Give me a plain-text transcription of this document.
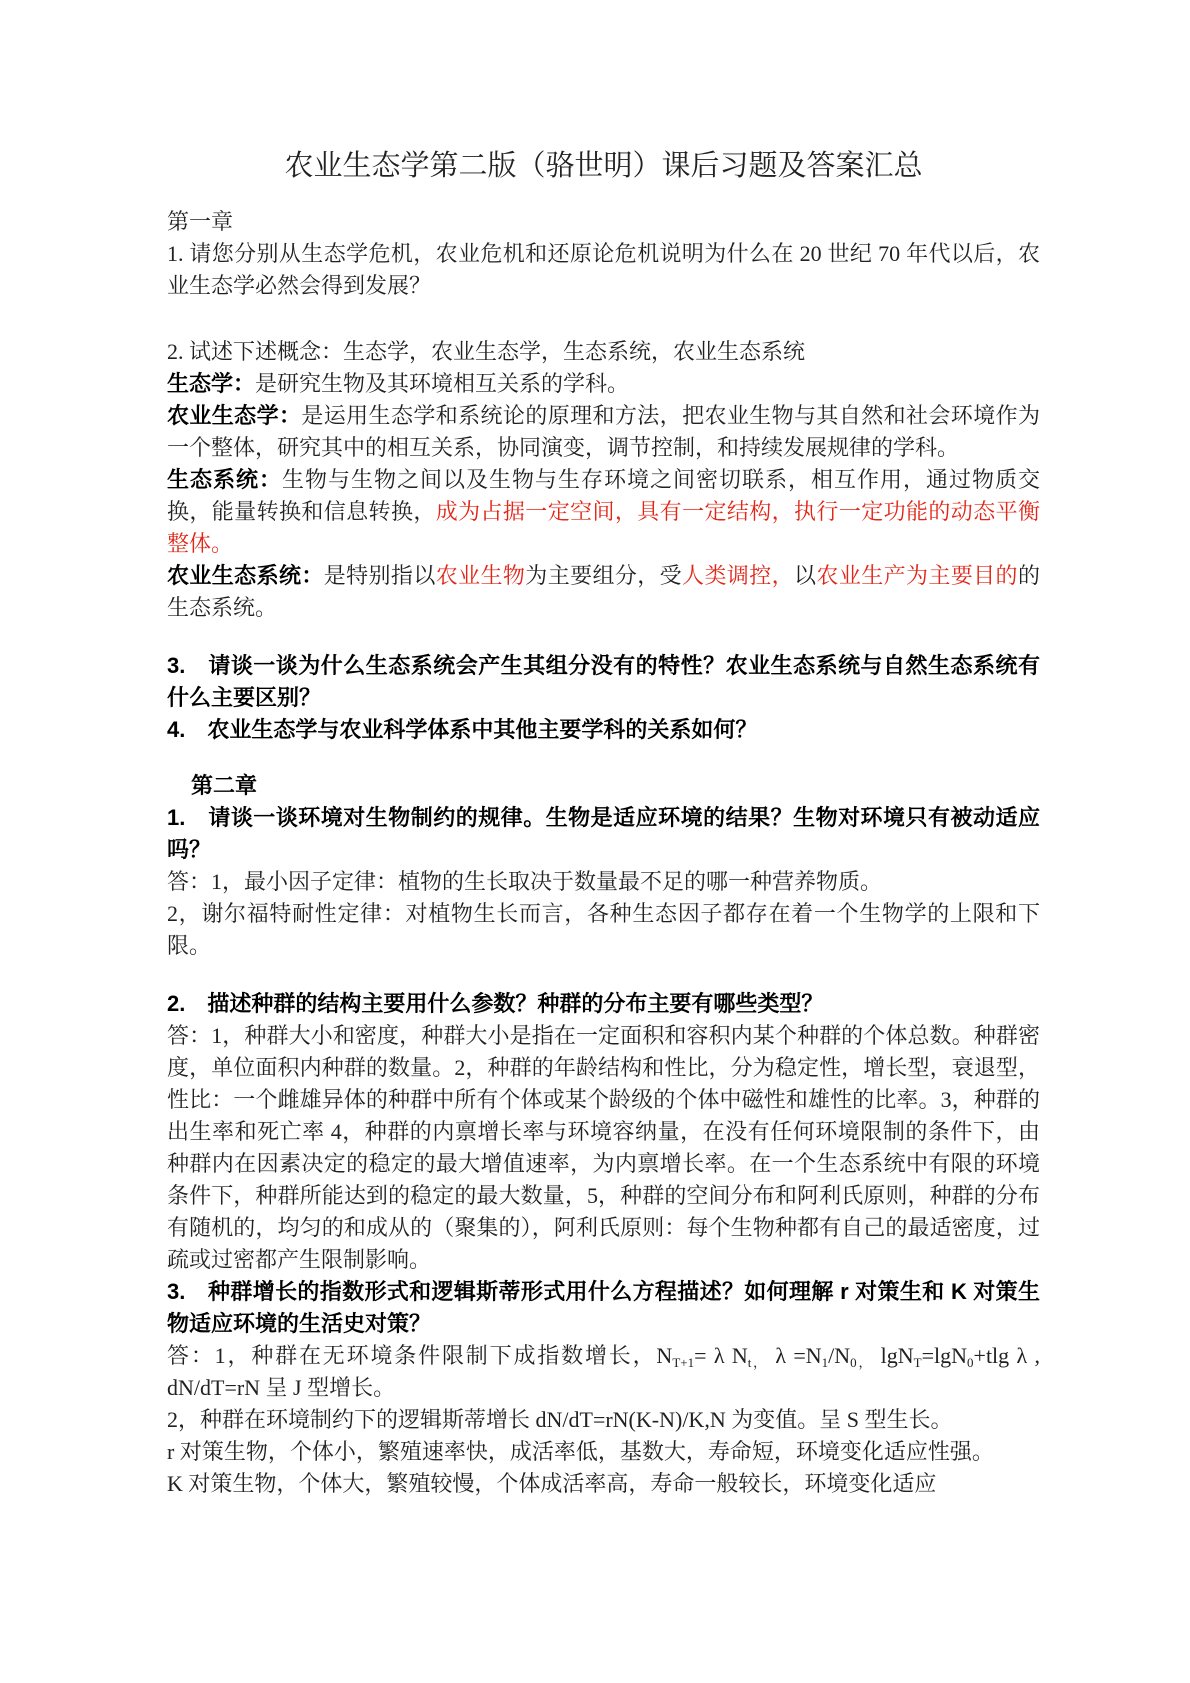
农业生态学第二版（骆世明）课后习题及答案汇总

第一章

1. 请您分别从生态学危机，农业危机和还原论危机说明为什么在 20 世纪 70 年代以后，农业生态学必然会得到发展？

2. 试述下述概念：生态学，农业生态学，生态系统，农业生态系统

生态学：是研究生物及其环境相互关系的学科。

农业生态学：是运用生态学和系统论的原理和方法，把农业生物与其自然和社会环境作为一个整体，研究其中的相互关系，协同演变，调节控制，和持续发展规律的学科。

生态系统：生物与生物之间以及生物与生存环境之间密切联系，相互作用，通过物质交换，能量转换和信息转换，成为占据一定空间，具有一定结构，执行一定功能的动态平衡整体。

农业生态系统：是特别指以农业生物为主要组分，受人类调控，以农业生产为主要目的的生态系统。

3.　请谈一谈为什么生态系统会产生其组分没有的特性？农业生态系统与自然生态系统有什么主要区别？

4.　农业生态学与农业科学体系中其他主要学科的关系如何？

第二章

1.　请谈一谈环境对生物制约的规律。生物是适应环境的结果？生物对环境只有被动适应吗？

答：1，最小因子定律：植物的生长取决于数量最不足的哪一种营养物质。

2，谢尔福特耐性定律：对植物生长而言，各种生态因子都存在着一个生物学的上限和下限。

2.　描述种群的结构主要用什么参数？种群的分布主要有哪些类型？

答：1，种群大小和密度，种群大小是指在一定面积和容积内某个种群的个体总数。种群密度，单位面积内种群的数量。2，种群的年龄结构和性比，分为稳定性，增长型，衰退型，性比：一个雌雄异体的种群中所有个体或某个龄级的个体中磁性和雄性的比率。3，种群的出生率和死亡率 4，种群的内禀增长率与环境容纳量，在没有任何环境限制的条件下，由种群内在因素决定的稳定的最大增值速率，为内禀增长率。在一个生态系统中有限的环境条件下，种群所能达到的稳定的最大数量，5，种群的空间分布和阿利氏原则，种群的分布有随机的，均匀的和成从的（聚集的），阿利氏原则：每个生物种都有自己的最适密度，过疏或过密都产生限制影响。

3.　种群增长的指数形式和逻辑斯蒂形式用什么方程描述？如何理解 r 对策生和 K 对策生物适应环境的生活史对策？

答：1，种群在无环境条件限制下成指数增长，$N_{T+1}= \lambda$ $N_{t,}$ $\lambda =N_1/N_{0,}$ lgN$_T$=lgN$_0$+tlg λ , dN/dT=rN 呈 J 型增长。

2，种群在环境制约下的逻辑斯蒂增长 dN/dT=rN(K-N)/K,N 为变值。呈 S 型生长。

r 对策生物，个体小，繁殖速率快，成活率低，基数大，寿命短，环境变化适应性强。

K 对策生物，个体大，繁殖较慢，个体成活率高，寿命一般较长，环境变化适应
